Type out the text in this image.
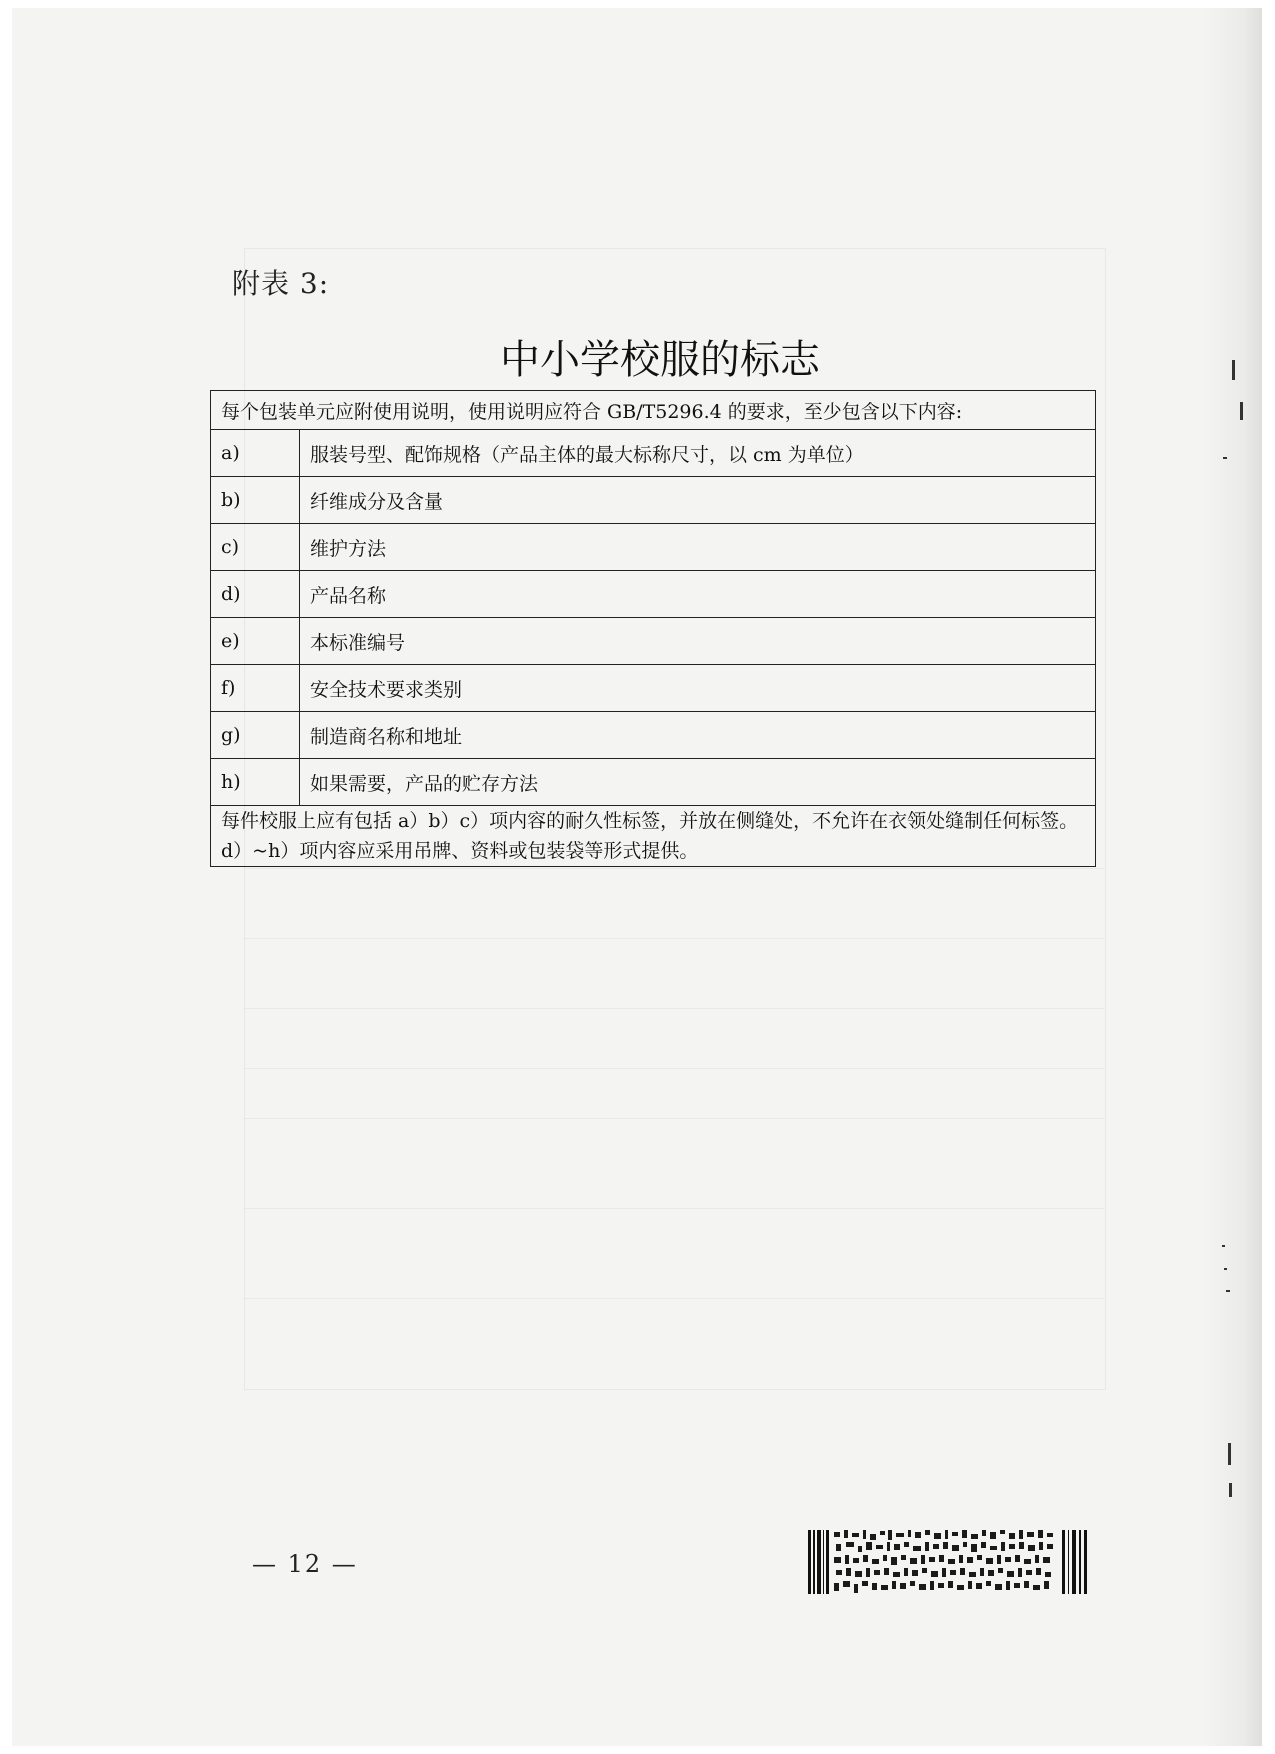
附表 3:
中小学校服的标志
每个包装单元应附使用说明，使用说明应符合 GB/T5296.4 的要求，至少包含以下内容:	
a)	服装号型、配饰规格（产品主体的最大标称尺寸，以 cm 为单位）
b)	纤维成分及含量
c)	维护方法
d)	产品名称
e)	本标准编号
f)	安全技术要求类别
g)	制造商名称和地址
h)	如果需要，产品的贮存方法
每件校服上应有包括 a）b）c）项内容的耐久性标签，并放在侧缝处，不允许在衣领处缝制任何标签。d）~h）项内容应采用吊牌、资料或包装袋等形式提供。	
— 12 —
